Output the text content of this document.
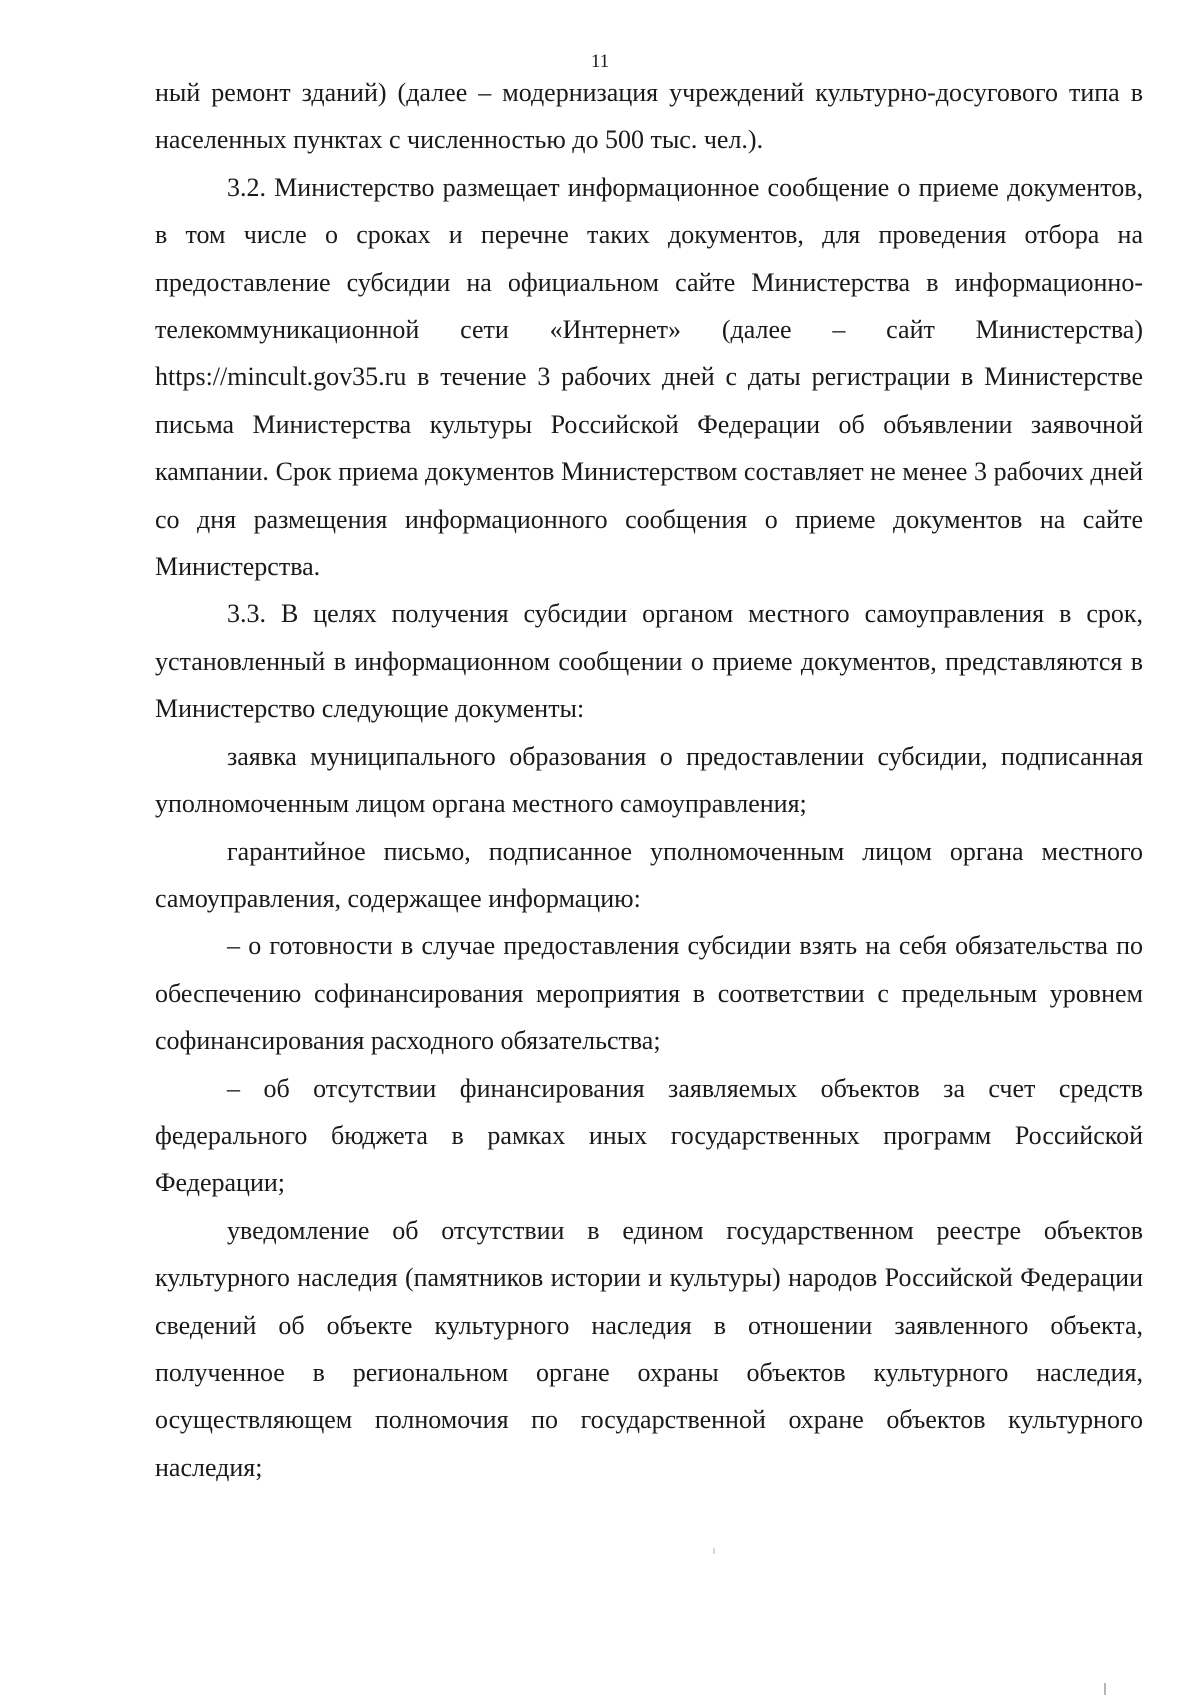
11

ный ремонт зданий) (далее – модернизация учреждений культурно-досугового типа в населенных пунктах с численностью до 500 тыс. чел.).

3.2. Министерство размещает информационное сообщение о приеме документов, в том числе о сроках и перечне таких документов, для проведения отбора на предоставление субсидии на официальном сайте Министерства в информационно-телекоммуникационной сети «Интернет» (далее – сайт Министерства) https://mincult.gov35.ru в течение 3 рабочих дней с даты регистрации в Министерстве письма Министерства культуры Российской Федерации об объявлении заявочной кампании. Срок приема документов Министерством составляет не менее 3 рабочих дней со дня размещения информационного сообщения о приеме документов на сайте Министерства.

3.3. В целях получения субсидии органом местного самоуправления в срок, установленный в информационном сообщении о приеме документов, представляются в Министерство следующие документы:

заявка муниципального образования о предоставлении субсидии, подписанная уполномоченным лицом органа местного самоуправления;

гарантийное письмо, подписанное уполномоченным лицом органа местного самоуправления, содержащее информацию:

– о готовности в случае предоставления субсидии взять на себя обязательства по обеспечению софинансирования мероприятия в соответствии с предельным уровнем софинансирования расходного обязательства;

– об отсутствии финансирования заявляемых объектов за счет средств федерального бюджета в рамках иных государственных программ Российской Федерации;

уведомление об отсутствии в едином государственном реестре объектов культурного наследия (памятников истории и культуры) народов Российской Федерации сведений об объекте культурного наследия в отношении заявленного объекта, полученное в региональном органе охраны объектов культурного наследия, осуществляющем полномочия по государственной охране объектов культурного наследия;
